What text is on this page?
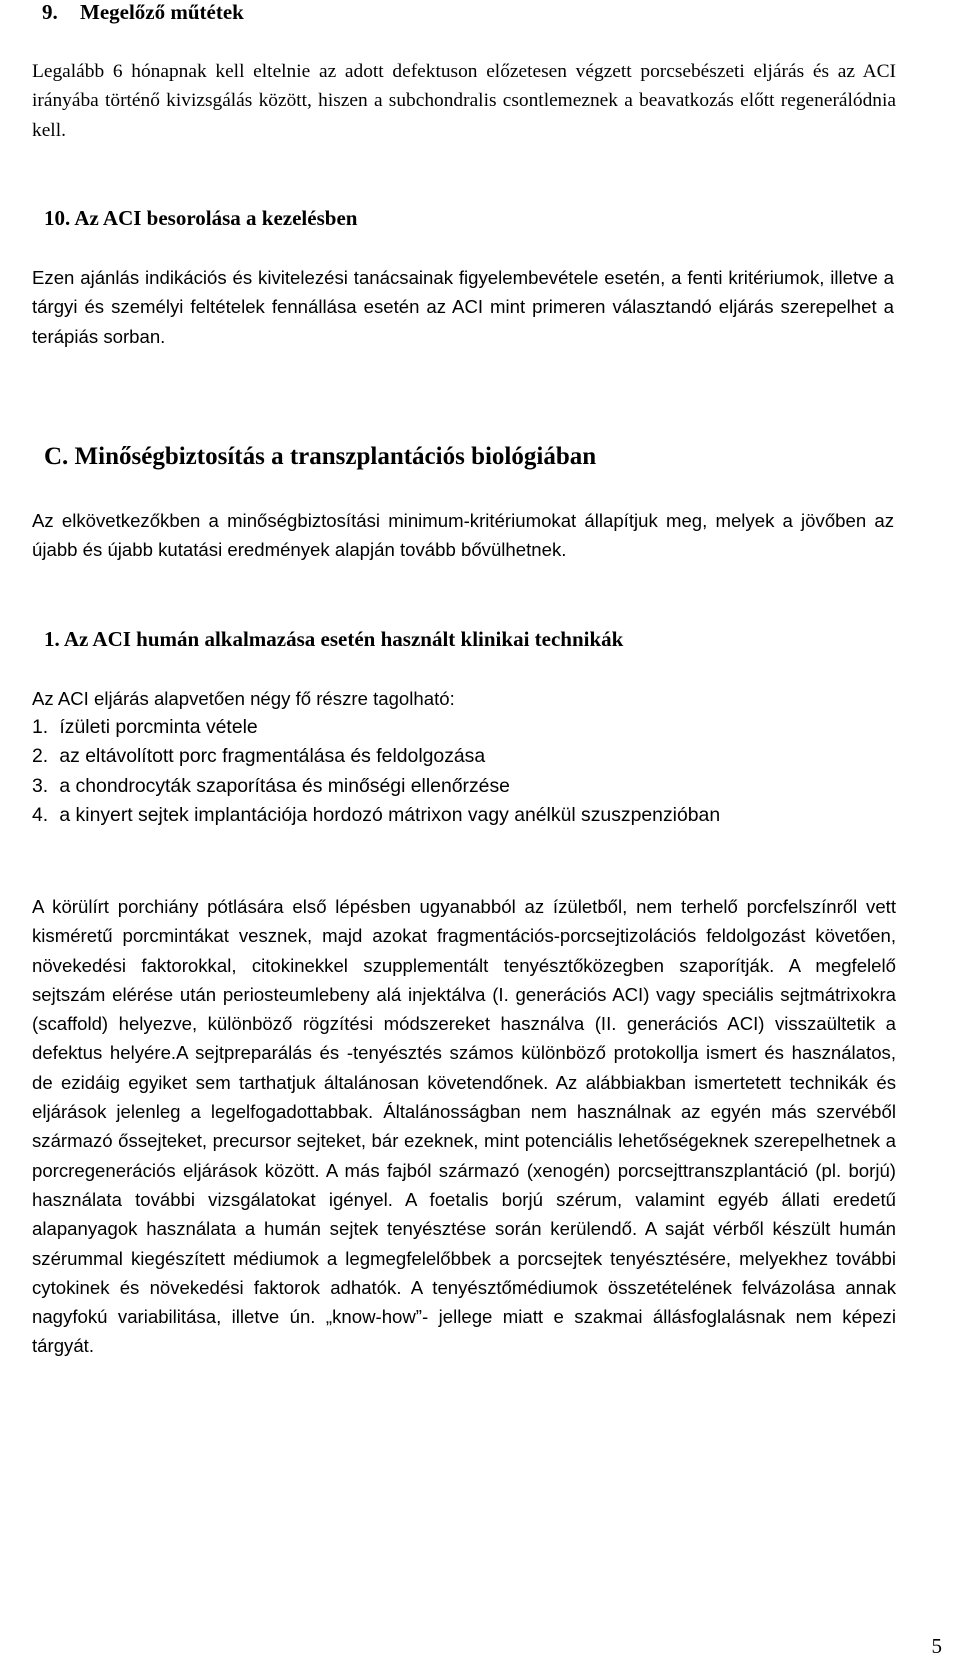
9. Megelőző műtétek

Legalább 6 hónapnak kell eltelnie az adott defektuson előzetesen végzett porcsebészeti eljárás és az ACI irányába történő kivizsgálás között, hiszen a subchondralis csontlemeznek a beavatkozás előtt regenerálódnia kell.

10. Az ACI besorolása a kezelésben

Ezen ajánlás indikációs és kivitelezési tanácsainak figyelembevétele esetén, a fenti kritériumok, illetve a tárgyi és személyi feltételek fennállása esetén az ACI mint primeren választandó eljárás szerepelhet a terápiás sorban.

C. Minőségbiztosítás a transzplantációs biológiában

Az elkövetkezőkben a minőségbiztosítási minimum-kritériumokat állapítjuk meg, melyek a jövőben az újabb és újabb kutatási eredmények alapján tovább bővülhetnek.

1. Az ACI humán alkalmazása esetén használt klinikai technikák

Az ACI eljárás alapvetően négy fő részre tagolható:

1. ízületi porcminta vétele
2. az eltávolított porc fragmentálása és feldolgozása
3. a chondrocyták szaporítása és minőségi ellenőrzése
4. a kinyert sejtek implantációja hordozó mátrixon vagy anélkül szuszpenzióban

A körülírt porchiány pótlására első lépésben ugyanabból az ízületből, nem terhelő porcfelszínről vett kisméretű porcmintákat vesznek, majd azokat fragmentációs-porcsejtizolációs feldolgozást követően, növekedési faktorokkal, citokinekkel szupplementált tenyésztőközegben szaporítják. A megfelelő sejtszám elérése után periosteumlebeny alá injektálva (I. generációs ACI) vagy speciális sejtmátrixokra (scaffold) helyezve, különböző rögzítési módszereket használva (II. generációs ACI) visszaültetik a defektus helyére.A sejtpreparálás és -tenyésztés számos különböző protokollja ismert és használatos, de ezidáig egyiket sem tarthatjuk általánosan követendőnek. Az alábbiakban ismertetett technikák és eljárások jelenleg a legelfogadottabbak. Általánosságban nem használnak az egyén más szervéből származó őssejteket, precursor sejteket, bár ezeknek, mint potenciális lehetőségeknek szerepelhetnek a porcregenerációs eljárások között. A más fajból származó (xenogén) porcsejttranszplantáció (pl. borjú) használata további vizsgálatokat igényel. A foetalis borjú szérum, valamint egyéb állati eredetű alapanyagok használata a humán sejtek tenyésztése során kerülendő. A saját vérből készült humán szérummal kiegészített médiumok a legmegfelelőbbek a porcsejtek tenyésztésére, melyekhez további cytokinek és növekedési faktorok adhatók. A tenyésztőmédiumok összetételének felvázolása annak nagyfokú variabilitása, illetve ún. „know-how”- jellege miatt e szakmai állásfoglalásnak nem képezi tárgyát.

5
